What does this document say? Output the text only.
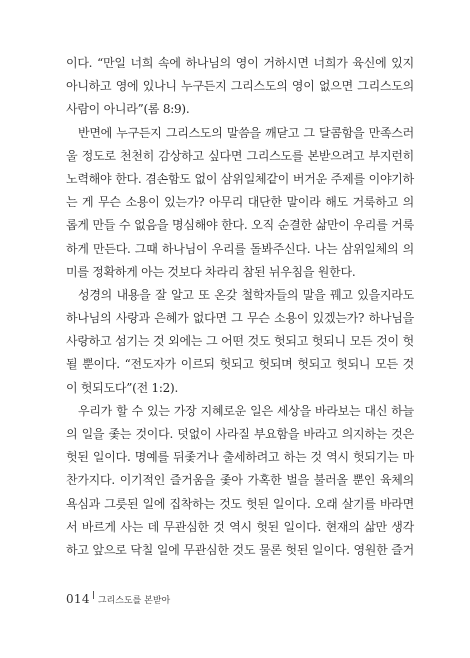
이다. “만일 너희 속에 하나님의 영이 거하시면 너희가 육신에 있지
아니하고 영에 있나니 누구든지 그리스도의 영이 없으면 그리스도의
사람이 아니라”(롬 8:9).
반면에 누구든지 그리스도의 말씀을 깨닫고 그 달콤함을 만족스러
울 정도로 천천히 감상하고 싶다면 그리스도를 본받으려고 부지런히
노력해야 한다. 겸손함도 없이 삼위일체같이 버거운 주제를 이야기하
는 게 무슨 소용이 있는가? 아무리 대단한 말이라 해도 거룩하고 의
롭게 만들 수 없음을 명심해야 한다. 오직 순결한 삶만이 우리를 거룩
하게 만든다. 그때 하나님이 우리를 돌봐주신다. 나는 삼위일체의 의
미를 정확하게 아는 것보다 차라리 참된 뉘우침을 원한다.
성경의 내용을 잘 알고 또 온갖 철학자들의 말을 꿰고 있을지라도
하나님의 사랑과 은혜가 없다면 그 무슨 소용이 있겠는가? 하나님을
사랑하고 섬기는 것 외에는 그 어떤 것도 헛되고 헛되니 모든 것이 헛
될 뿐이다. “전도자가 이르되 헛되고 헛되며 헛되고 헛되니 모든 것
이 헛되도다”(전 1:2).
우리가 할 수 있는 가장 지혜로운 일은 세상을 바라보는 대신 하늘
의 일을 좇는 것이다. 덧없이 사라질 부요함을 바라고 의지하는 것은
헛된 일이다. 명예를 뒤좇거나 출세하려고 하는 것 역시 헛되기는 마
찬가지다. 이기적인 즐거움을 좇아 가혹한 벌을 불러올 뿐인 육체의
욕심과 그릇된 일에 집착하는 것도 헛된 일이다. 오래 살기를 바라면
서 바르게 사는 데 무관심한 것 역시 헛된 일이다. 현재의 삶만 생각
하고 앞으로 닥칠 일에 무관심한 것도 물론 헛된 일이다. 영원한 즐거
014 그리스도를 본받아
